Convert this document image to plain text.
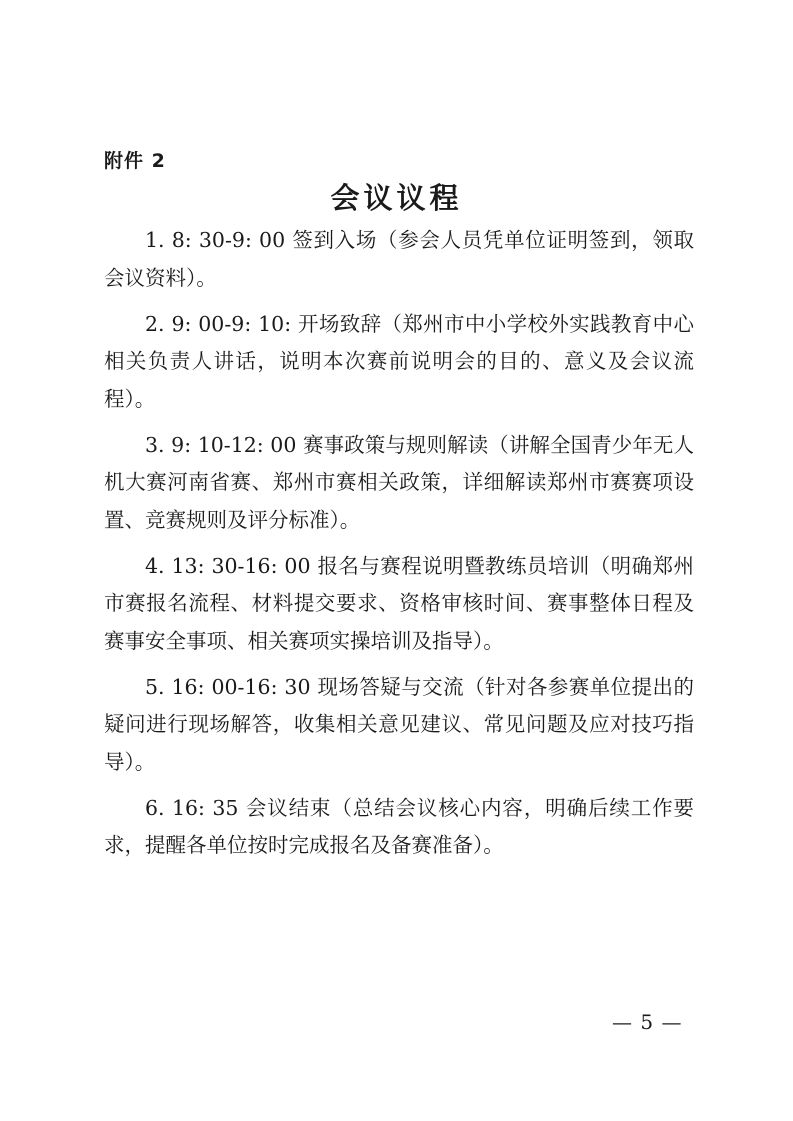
附件 2
会议议程

1. 8: 30-9: 00 签到入场（参会人员凭单位证明签到，领取会议资料）。

2. 9: 00-9: 10: 开场致辞（郑州市中小学校外实践教育中心相关负责人讲话，说明本次赛前说明会的目的、意义及会议流程）。

3. 9: 10-12: 00 赛事政策与规则解读（讲解全国青少年无人机大赛河南省赛、郑州市赛相关政策，详细解读郑州市赛赛项设置、竞赛规则及评分标准）。

4. 13: 30-16: 00 报名与赛程说明暨教练员培训（明确郑州市赛报名流程、材料提交要求、资格审核时间、赛事整体日程及赛事安全事项、相关赛项实操培训及指导）。

5. 16: 00-16: 30 现场答疑与交流（针对各参赛单位提出的疑问进行现场解答，收集相关意见建议、常见问题及应对技巧指导）。

6. 16: 35 会议结束（总结会议核心内容，明确后续工作要求，提醒各单位按时完成报名及备赛准备）。

— 5 —
